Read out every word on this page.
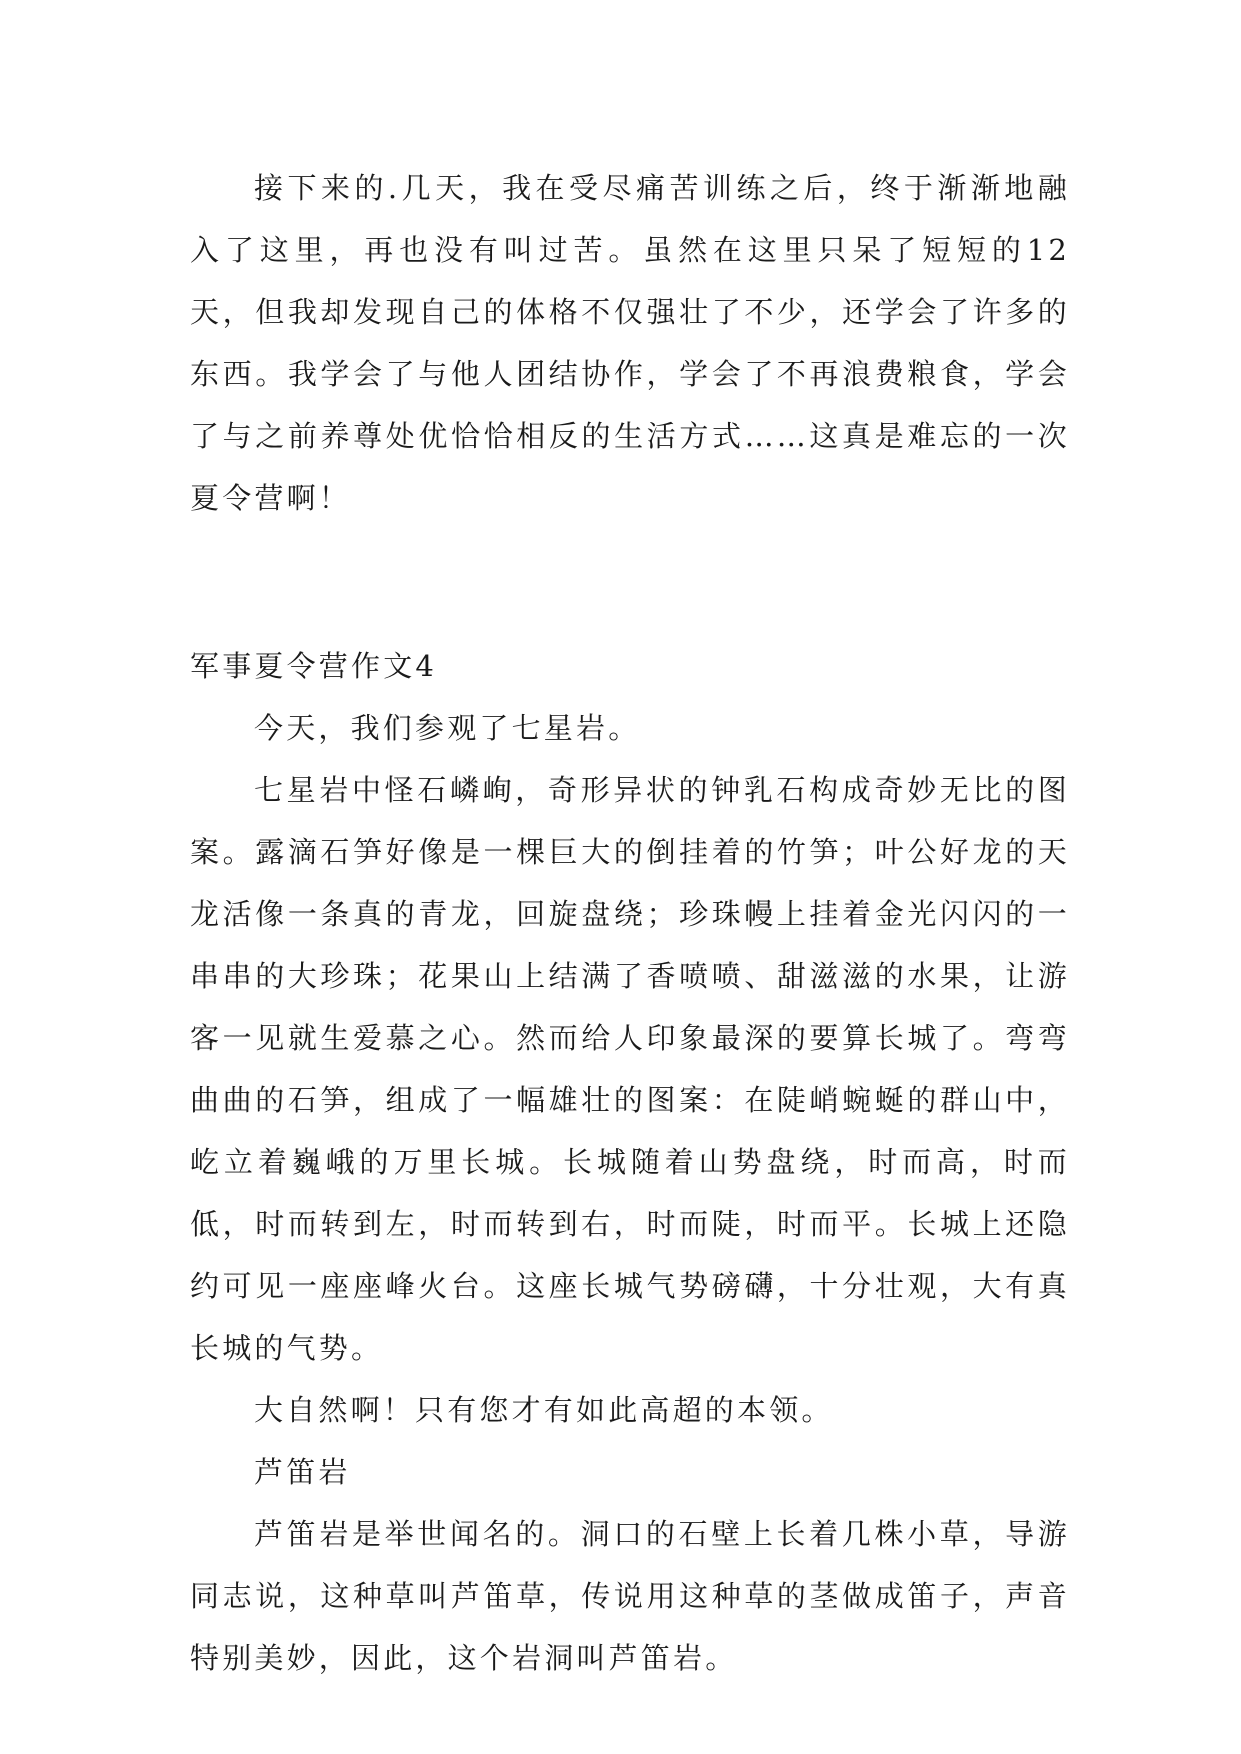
接下来的.几天，我在受尽痛苦训练之后，终于渐渐地融入了这里，再也没有叫过苦。虽然在这里只呆了短短的12天，但我却发现自己的体格不仅强壮了不少，还学会了许多的东西。我学会了与他人团结协作，学会了不再浪费粮食，学会了与之前养尊处优恰恰相反的生活方式……这真是难忘的一次夏令营啊！

军事夏令营作文4

今天，我们参观了七星岩。

七星岩中怪石嶙峋，奇形异状的钟乳石构成奇妙无比的图案。露滴石笋好像是一棵巨大的倒挂着的竹笋；叶公好龙的天龙活像一条真的青龙，回旋盘绕；珍珠幔上挂着金光闪闪的一串串的大珍珠；花果山上结满了香喷喷、甜滋滋的水果，让游客一见就生爱慕之心。然而给人印象最深的要算长城了。弯弯曲曲的石笋，组成了一幅雄壮的图案：在陡峭蜿蜒的群山中，屹立着巍峨的万里长城。长城随着山势盘绕，时而高，时而低，时而转到左，时而转到右，时而陡，时而平。长城上还隐约可见一座座峰火台。这座长城气势磅礴，十分壮观，大有真长城的气势。

大自然啊！只有您才有如此高超的本领。

芦笛岩

芦笛岩是举世闻名的。洞口的石壁上长着几株小草，导游同志说，这种草叫芦笛草，传说用这种草的茎做成笛子，声音特别美妙，因此，这个岩洞叫芦笛岩。
